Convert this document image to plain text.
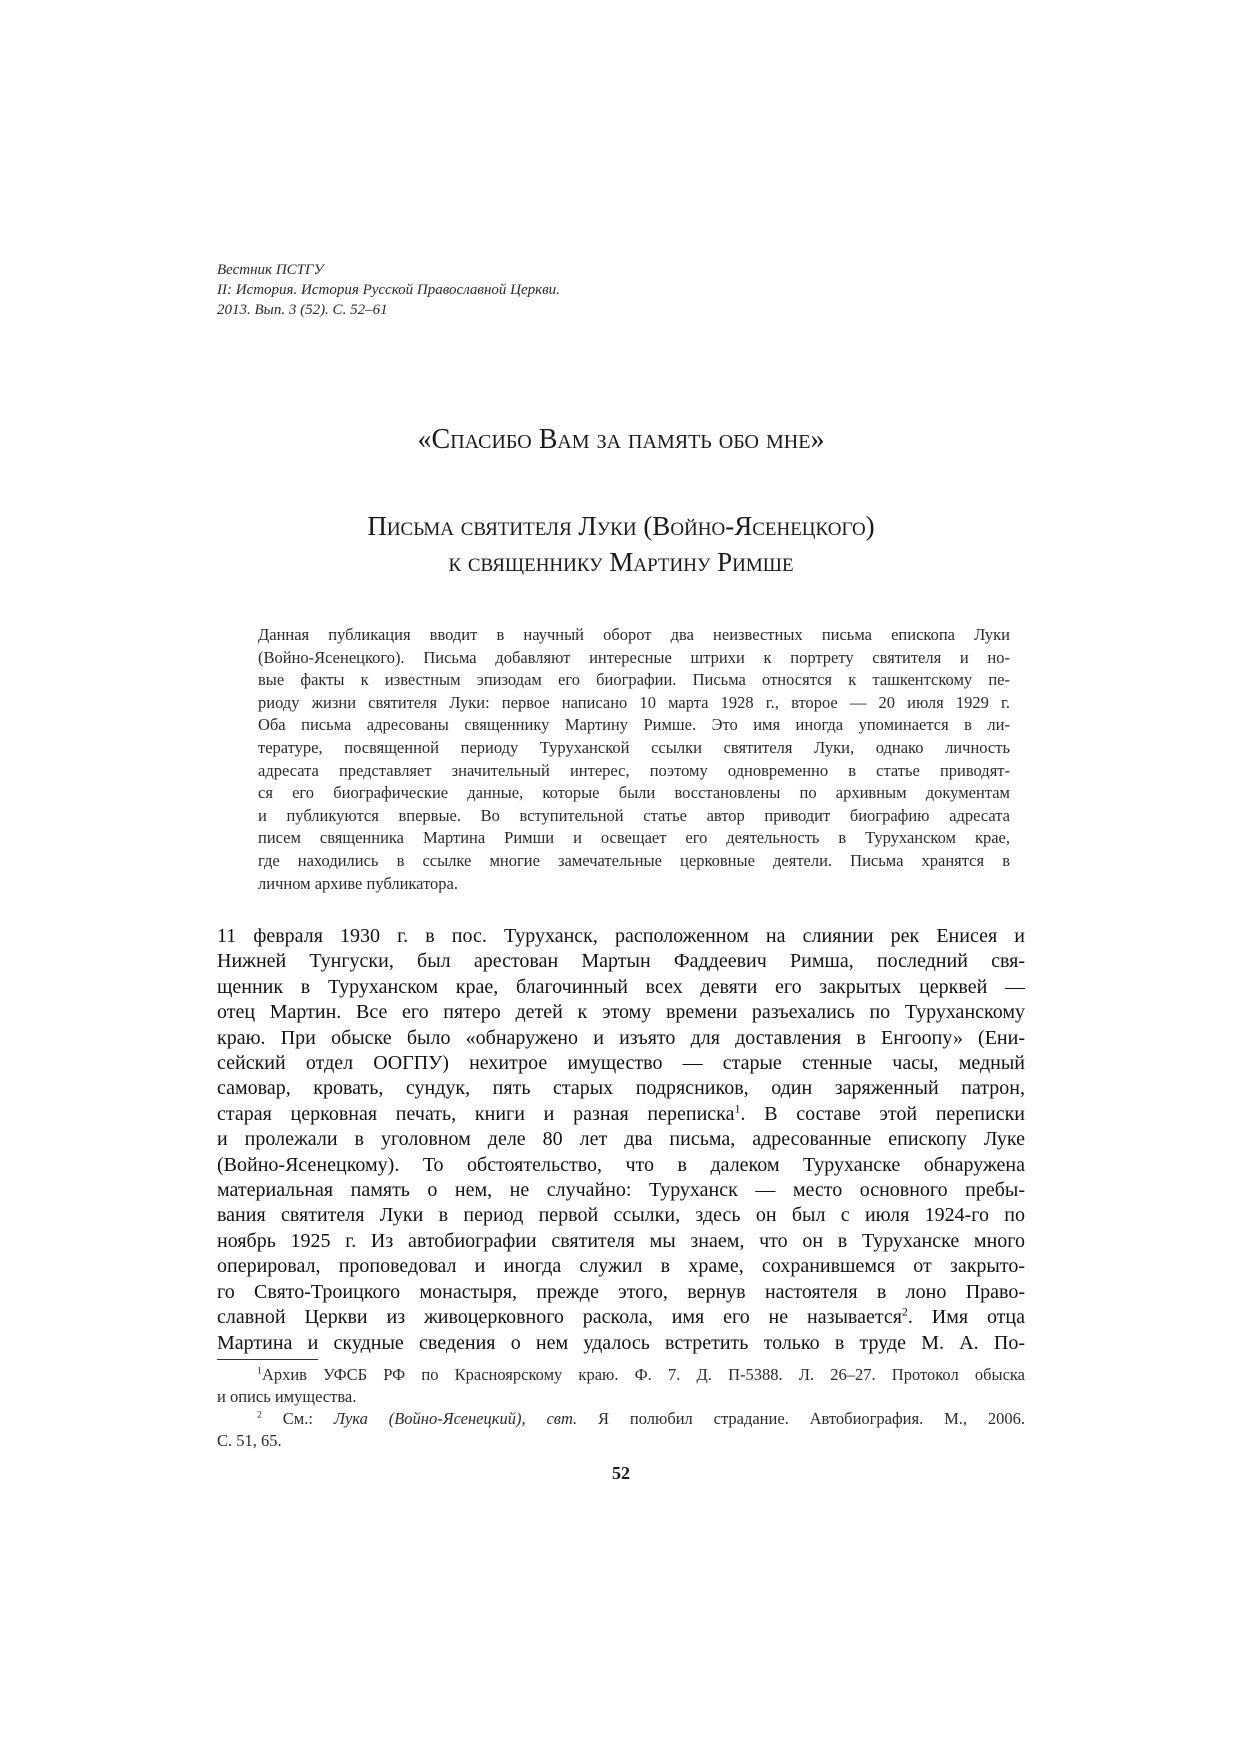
Вестник ПСТГУ
II: История. История Русской Православной Церкви.
2013. Вып. 3 (52). С. 52–61
«Спасибо Вам за память обо мне»
Письма святителя Луки (Войно-Ясенецкого)
к священнику Мартину Римше
Данная публикация вводит в научный оборот два неизвестных письма епископа Луки
(Войно-Ясенецкого). Письма добавляют интересные штрихи к портрету святителя и но-
вые факты к известным эпизодам его биографии. Письма относятся к ташкентскому пе-
риоду жизни святителя Луки: первое написано 10 марта 1928 г., второе — 20 июля 1929 г.
Оба письма адресованы священнику Мартину Римше. Это имя иногда упоминается в ли-
тературе, посвященной периоду Туруханской ссылки святителя Луки, однако личность
адресата представляет значительный интерес, поэтому одновременно в статье приводят-
ся его биографические данные, которые были восстановлены по архивным документам
и публикуются впервые. Во вступительной статье автор приводит биографию адресата
писем священника Мартина Римши и освещает его деятельность в Туруханском крае,
где находились в ссылке многие замечательные церковные деятели. Письма хранятся в
личном архиве публикатора.
11 февраля 1930 г. в пос. Туруханск, расположенном на слиянии рек Енисея и
Нижней Тунгуски, был арестован Мартын Фаддеевич Римша, последний свя-
щенник в Туруханском крае, благочинный всех девяти его закрытых церквей —
отец Мартин. Все его пятеро детей к этому времени разъехались по Туруханскому
краю. При обыске было «обнаружено и изъято для доставления в Енгоопу» (Ени-
сейский отдел ООГПУ) нехитрое имущество — старые стенные часы, медный
самовар, кровать, сундук, пять старых подрясников, один заряженный патрон,
старая церковная печать, книги и разная переписка$^1$. В составе этой переписки
и пролежали в уголовном деле 80 лет два письма, адресованные епископу Луке
(Войно-Ясенецкому). То обстоятельство, что в далеком Туруханске обнаружена
материальная память о нем, не случайно: Туруханск — место основного пребы-
вания святителя Луки в период первой ссылки, здесь он был с июля 1924-го по
ноябрь 1925 г. Из автобиографии святителя мы знаем, что он в Туруханске много
оперировал, проповедовал и иногда служил в храме, сохранившемся от закрыто-
го Свято-Троицкого монастыря, прежде этого, вернув настоятеля в лоно Право-
славной Церкви из живоцерковного раскола, имя его не называется$^2$. Имя отца
Мартина и скудные сведения о нем удалось встретить только в труде М. А. По-
$^1$Архив УФСБ РФ по Красноярскому краю. Ф. 7. Д. П-5388. Л. 26–27. Протокол обыска
и опись имущества.
$^2$ См.: Лука (Войно-Ясенецкий), свт. Я полюбил страдание. Автобиография. М., 2006.
С. 51, 65.
52
